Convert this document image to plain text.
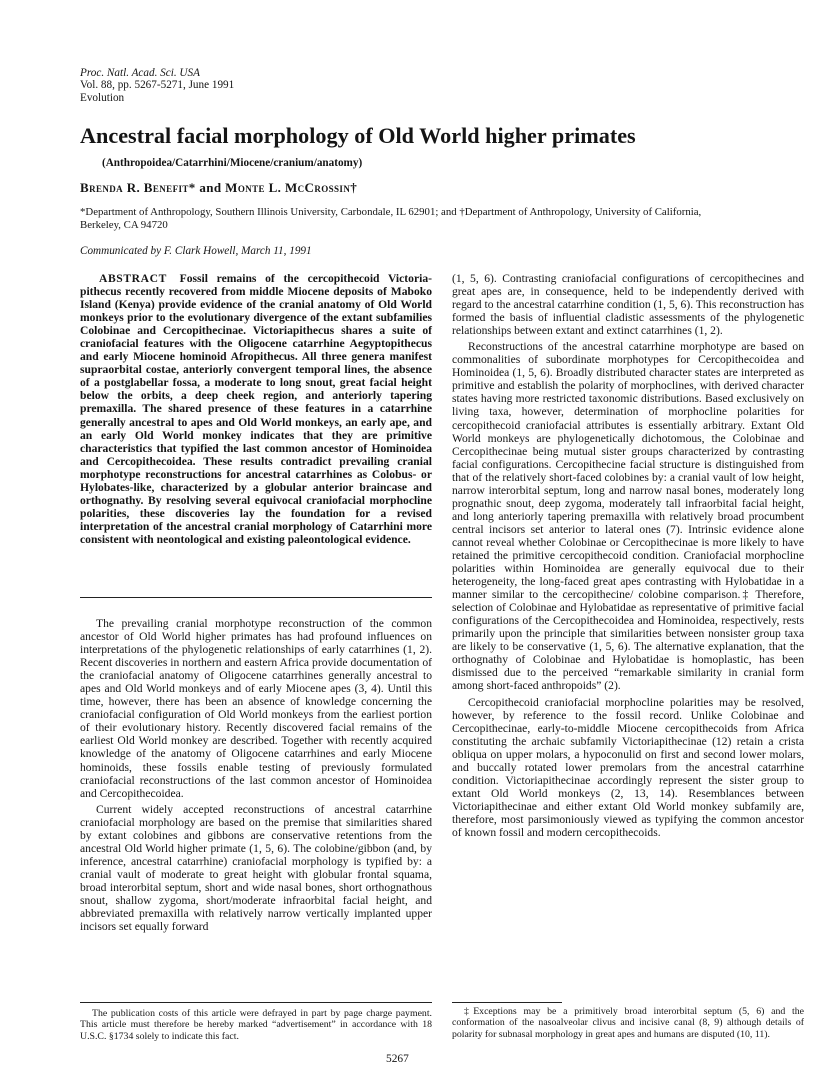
Proc. Natl. Acad. Sci. USA
Vol. 88, pp. 5267-5271, June 1991
Evolution
Ancestral facial morphology of Old World higher primates
(Anthropoidea/Catarrhini/Miocene/cranium/anatomy)
Brenda R. Benefit* and Monte L. McCrossin†
*Department of Anthropology, Southern Illinois University, Carbondale, IL 62901; and †Department of Anthropology, University of California, Berkeley, CA 94720
Communicated by F. Clark Howell, March 11, 1991

ABSTRACT Fossil remains of the cercopithecoid Victoriapithecus recently recovered from middle Miocene deposits of Maboko Island (Kenya) provide evidence of the cranial anatomy of Old World monkeys prior to the evolutionary divergence of the extant subfamilies Colobinae and Cercopithecinae. Victoriapithecus shares a suite of craniofacial features with the Oligocene catarrhine Aegyptopithecus and early Miocene hominoid Afropithecus. All three genera manifest supraorbital costae, anteriorly convergent temporal lines, the absence of a postglabellar fossa, a moderate to long snout, great facial height below the orbits, a deep cheek region, and anteriorly tapering premaxilla. The shared presence of these features in a catarrhine generally ancestral to apes and Old World monkeys, an early ape, and an early Old World monkey indicates that they are primitive characteristics that typified the last common ancestor of Hominoidea and Cercopithecoidea. These results contradict prevailing cranial morphotype reconstructions for ancestral catarrhines as Colobus- or Hylobates-like, characterized by a globular anterior braincase and orthognathy. By resolving several equivocal craniofacial morphocline polarities, these discoveries lay the foundation for a revised interpretation of the ancestral cranial morphology of Catarrhini more consistent with neontological and existing paleontological evidence.

The prevailing cranial morphotype reconstruction of the common ancestor of Old World higher primates has had profound influences on interpretations of the phylogenetic relationships of early catarrhines (1, 2). Recent discoveries in northern and eastern Africa provide documentation of the craniofacial anatomy of Oligocene catarrhines generally ancestral to apes and Old World monkeys and of early Miocene apes (3, 4). Until this time, however, there has been an absence of knowledge concerning the craniofacial configuration of Old World monkeys from the earliest portion of their evolutionary history. Recently discovered facial remains of the earliest Old World monkey are described. Together with recently acquired knowledge of the anatomy of Oligocene catarrhines and early Miocene hominoids, these fossils enable testing of previously formulated craniofacial reconstructions of the last common ancestor of Hominoidea and Cercopithecoidea.

Current widely accepted reconstructions of ancestral catarrhine craniofacial morphology are based on the premise that similarities shared by extant colobines and gibbons are conservative retentions from the ancestral Old World higher primate (1, 5, 6). The colobine/gibbon (and, by inference, ancestral catarrhine) craniofacial morphology is typified by: a cranial vault of moderate to great height with globular frontal squama, broad interorbital septum, short and wide nasal bones, short orthognathous snout, shallow zygoma, short/moderate infraorbital facial height, and abbreviated premaxilla with relatively narrow vertically implanted upper incisors set equally forward

(1, 5, 6). Contrasting craniofacial configurations of cercopithecines and great apes are, in consequence, held to be independently derived with regard to the ancestral catarrhine condition (1, 5, 6). This reconstruction has formed the basis of influential cladistic assessments of the phylogenetic relationships between extant and extinct catarrhines (1, 2).

Reconstructions of the ancestral catarrhine morphotype are based on commonalities of subordinate morphotypes for Cercopithecoidea and Hominoidea (1, 5, 6). Broadly distributed character states are interpreted as primitive and establish the polarity of morphoclines, with derived character states having more restricted taxonomic distributions. Based exclusively on living taxa, however, determination of morphocline polarities for cercopithecoid craniofacial attributes is essentially arbitrary. Extant Old World monkeys are phylogenetically dichotomous, the Colobinae and Cercopithecinae being mutual sister groups characterized by contrasting facial configurations. Cercopithecine facial structure is distinguished from that of the relatively short-faced colobines by: a cranial vault of low height, narrow interorbital septum, long and narrow nasal bones, moderately long prognathic snout, deep zygoma, moderately tall infraorbital facial height, and long anteriorly tapering premaxilla with relatively broad procumbent central incisors set anterior to lateral ones (7). Intrinsic evidence alone cannot reveal whether Colobinae or Cercopithecinae is more likely to have retained the primitive cercopithecoid condition. Craniofacial morphocline polarities within Hominoidea are generally equivocal due to their heterogeneity, the long-faced great apes contrasting with Hylobatidae in a manner similar to the cercopithecine/ colobine comparison.‡ Therefore, selection of Colobinae and Hylobatidae as representative of primitive facial configurations of the Cercopithecoidea and Hominoidea, respectively, rests primarily upon the principle that similarities between nonsister group taxa are likely to be conservative (1, 5, 6). The alternative explanation, that the orthognathy of Colobinae and Hylobatidae is homoplastic, has been dismissed due to the perceived “remarkable similarity in cranial form among short-faced anthropoids” (2).

Cercopithecoid craniofacial morphocline polarities may be resolved, however, by reference to the fossil record. Unlike Colobinae and Cercopithecinae, early-to-middle Miocene cercopithecoids from Africa constituting the archaic subfamily Victoriapithecinae (12) retain a crista obliqua on upper molars, a hypoconulid on first and second lower molars, and buccally rotated lower premolars from the ancestral catarrhine condition. Victoriapithecinae accordingly represent the sister group to extant Old World monkeys (2, 13, 14). Resemblances between Victoriapithecinae and either extant Old World monkey subfamily are, therefore, most parsimoniously viewed as typifying the common ancestor of known fossil and modern cercopithecoids.

The publication costs of this article were defrayed in part by page charge payment. This article must therefore be hereby marked “advertisement” in accordance with 18 U.S.C. §1734 solely to indicate this fact.

‡Exceptions may be a primitively broad interorbital septum (5, 6) and the conformation of the nasoalveolar clivus and incisive canal (8, 9) although details of polarity for subnasal morphology in great apes and humans are disputed (10, 11).

5267
